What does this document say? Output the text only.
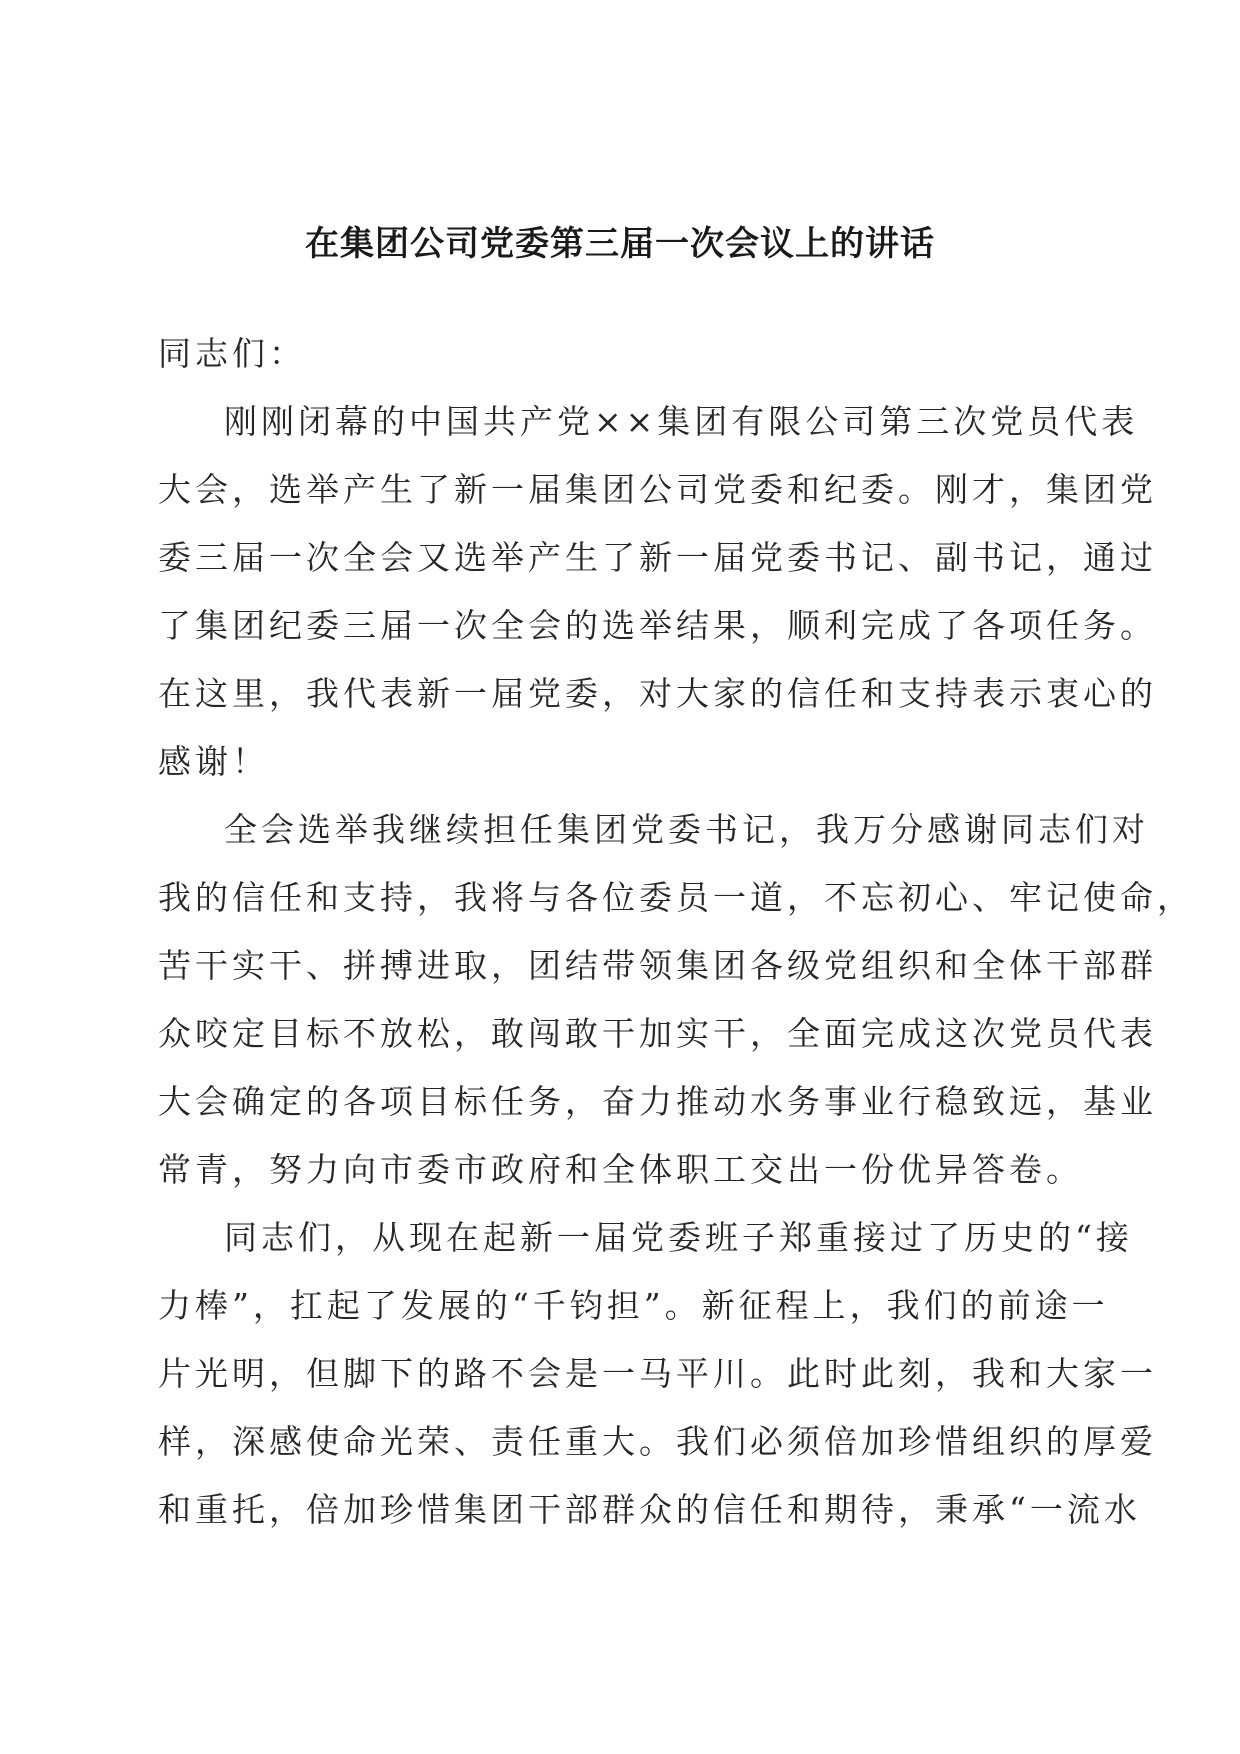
在集团公司党委第三届一次会议上的讲话

同志们：

刚刚闭幕的中国共产党××集团有限公司第三次党员代表
大会，选举产生了新一届集团公司党委和纪委。刚才，集团党
委三届一次全会又选举产生了新一届党委书记、副书记，通过
了集团纪委三届一次全会的选举结果，顺利完成了各项任务。
在这里，我代表新一届党委，对大家的信任和支持表示衷心的
感谢！

全会选举我继续担任集团党委书记，我万分感谢同志们对
我的信任和支持，我将与各位委员一道，不忘初心、牢记使命，
苦干实干、拼搏进取，团结带领集团各级党组织和全体干部群
众咬定目标不放松，敢闯敢干加实干，全面完成这次党员代表
大会确定的各项目标任务，奋力推动水务事业行稳致远，基业
常青，努力向市委市政府和全体职工交出一份优异答卷。

同志们，从现在起新一届党委班子郑重接过了历史的“接
力棒”，扛起了发展的“千钧担”。新征程上，我们的前途一
片光明，但脚下的路不会是一马平川。此时此刻，我和大家一
样，深感使命光荣、责任重大。我们必须倍加珍惜组织的厚爱
和重托，倍加珍惜集团干部群众的信任和期待，秉承“一流水
